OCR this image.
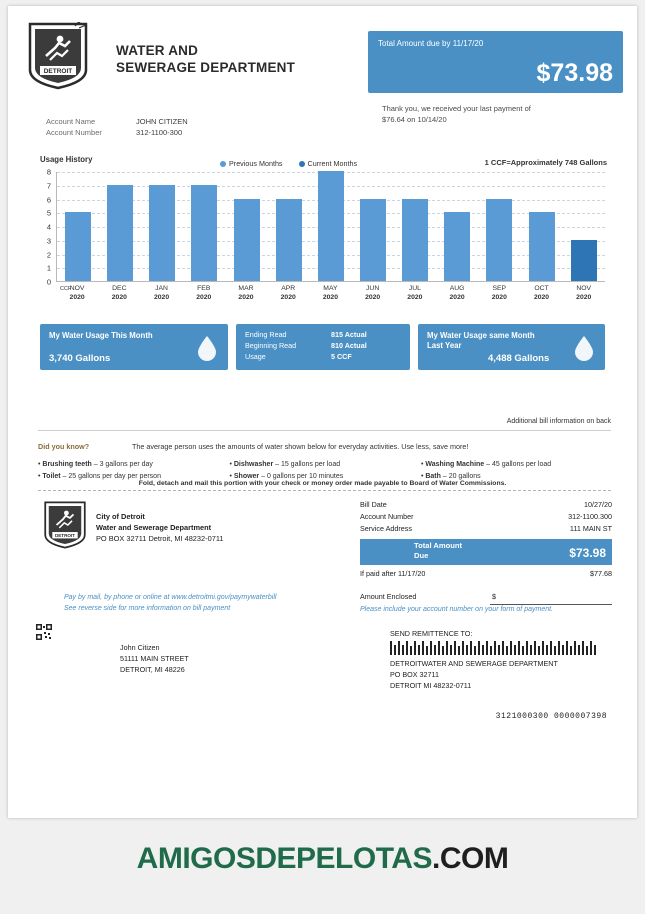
DETROIT
WATER AND
SEWERAGE DEPARTMENT
Total Amount due by 11/17/20
$73.98
Thank you, we received your last payment of
$76.64 on 10/14/20
Account Name	JOHN CITIZEN
Account Number	312-1100-300
Usage History	Previous Months	Current Months	1 CCF=Approximately 748 Gallons
0
1
2
3
4
5
6
7
8
NOV
2020
DEC
2020
JAN
2020
FEB
2020
MAR
2020
APR
2020
MAY
2020
JUN
2020
JUL
2020
AUG
2020
SEP
2020
OCT
2020
NOV
2020
CCF
My Water Usage This Month
3,740 Gallons
Ending Read	815 Actual
Beginning Read	810 Actual
Usage	5 CCF
My Water Usage same Month
Last Year
4,488 Gallons
Additional bill information on back
Did you know?	The average person uses the amounts of water shown below for everyday activities. Use less, save more!
• Brushing teeth – 3 gallons per day	• Dishwasher – 15 gallons per load	• Washing Machine – 45 gallons per load
• Toilet – 25 gallons per day per person	• Shower – 0 gallons per 10 minutes	• Bath – 20 gallons
Fold, detach and mail this portion with your check or money order made payable to Board of Water Commissions.
DETROIT
City of Detroit
Water and Sewerage Department
PO BOX 32711 Detroit, MI 48232-0711
Bill Date	10/27/20
Account Number	312-1100.300
Service Address	111 MAIN ST
Total Amount
Due	$73.98
If paid after 11/17/20	$77.68
Amount Enclosed	$
Please include your account number on your form of payment.
Pay by mail, by phone or online at www.detroitmi.gov/paymywaterbill
See reverse side for more information on bill payment
John Citizen
51111 MAIN STREET
DETROIT, MI 48226
SEND REMITTENCE TO:
DETROITWATER AND SEWERAGE DEPARTMENT
PO BOX 32711
DETROIT MI 48232-0711
3121000300 0000007398
AMIGOSDEPELOTAS.COM
